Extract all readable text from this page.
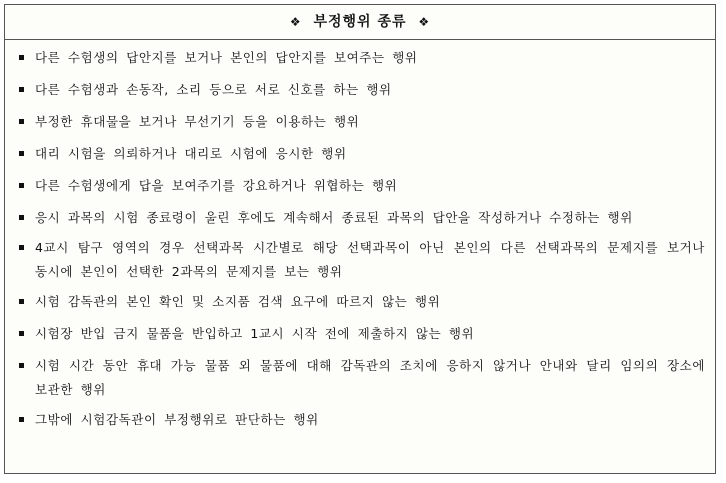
❖ 부정행위 종류 ❖
다른 수험생의 답안지를 보거나 본인의 답안지를 보여주는 행위
다른 수험생과 손동작, 소리 등으로 서로 신호를 하는 행위
부정한 휴대물을 보거나 무선기기 등을 이용하는 행위
대리 시험을 의뢰하거나 대리로 시험에 응시한 행위
다른 수험생에게 답을 보여주기를 강요하거나 위협하는 행위
응시 과목의 시험 종료령이 울린 후에도 계속해서 종료된 과목의 답안을 작성하거나 수정하는 행위
4교시 탐구 영역의 경우 선택과목 시간별로 해당 선택과목이 아닌 본인의 다른 선택과목의 문제지를 보거나 동시에 본인이 선택한 2과목의 문제지를 보는 행위
시험 감독관의 본인 확인 및 소지품 검색 요구에 따르지 않는 행위
시험장 반입 금지 물품을 반입하고 1교시 시작 전에 제출하지 않는 행위
시험 시간 동안 휴대 가능 물품 외 물품에 대해 감독관의 조치에 응하지 않거나 안내와 달리 임의의 장소에 보관한 행위
그밖에 시험감독관이 부정행위로 판단하는 행위
